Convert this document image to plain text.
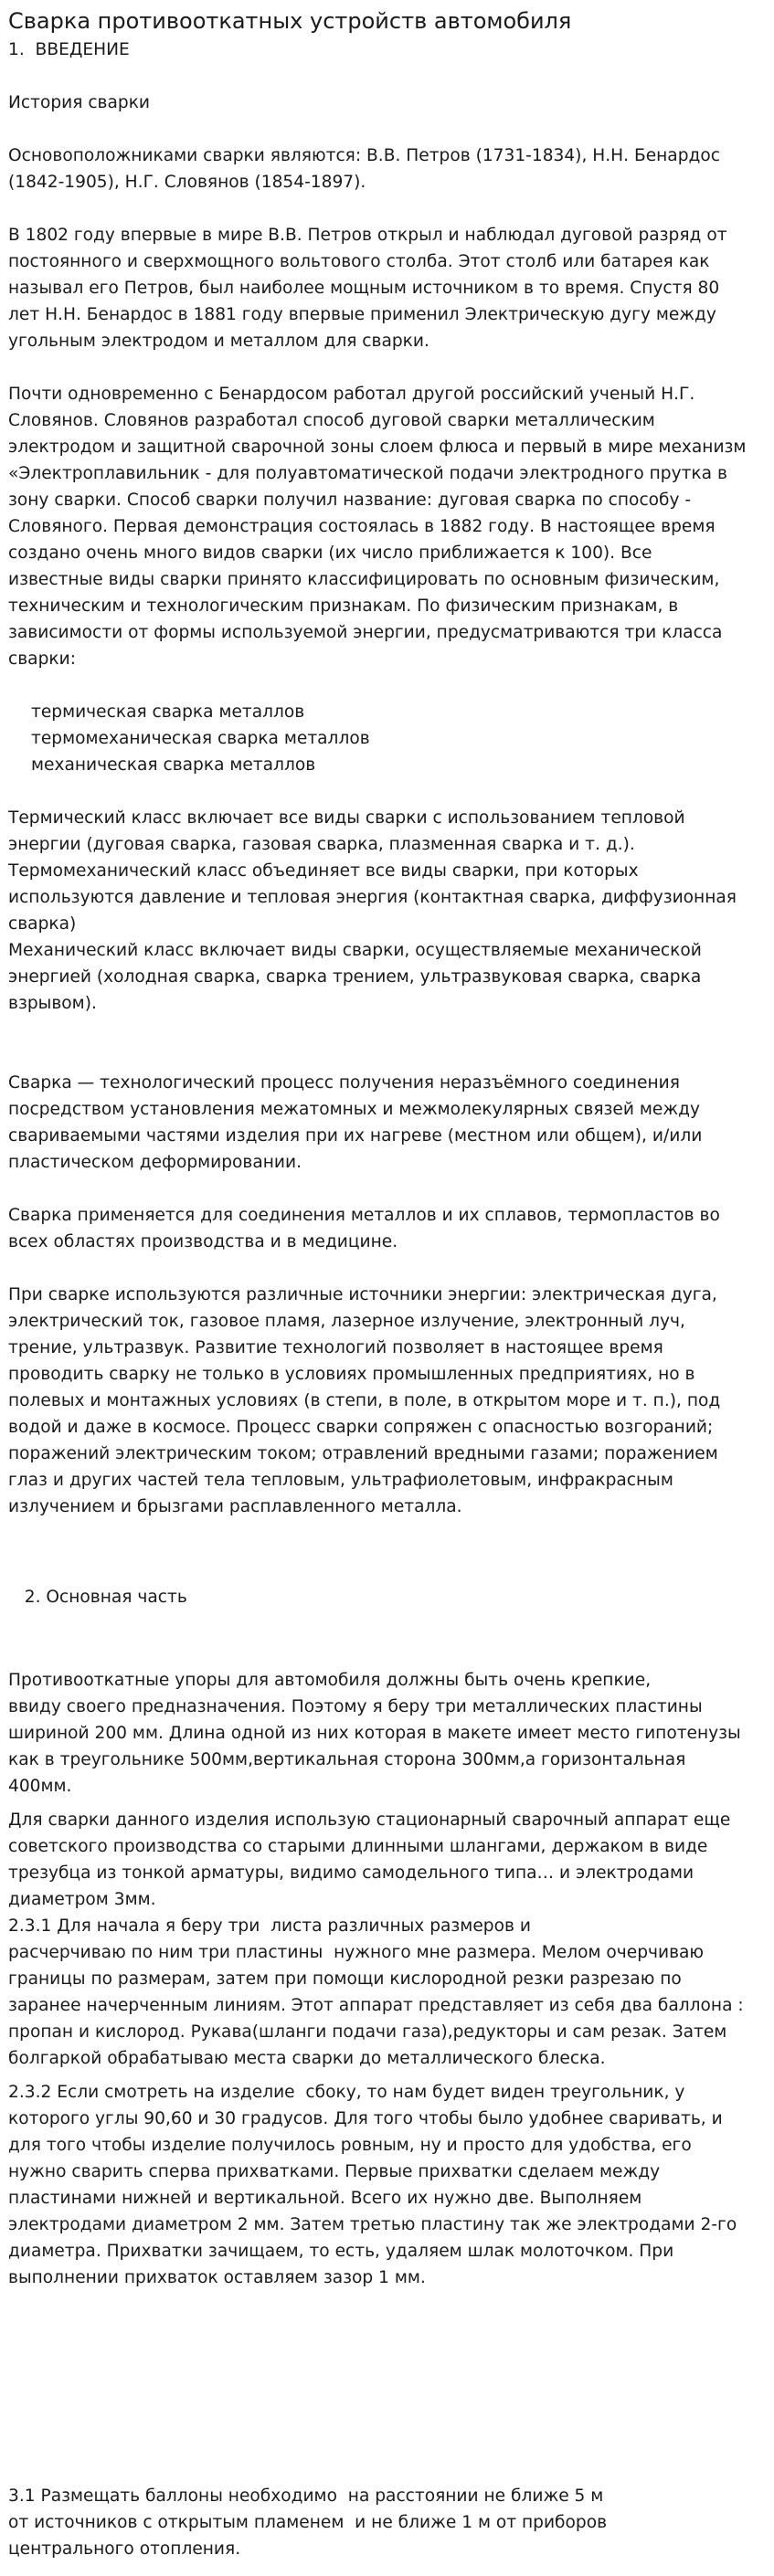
Сварка противооткатных устройств автомобиля

1.  ВВЕДЕНИЕ

История сварки

Основоположниками сварки являются: В.В. Петров (1731-1834), Н.Н. Бенардос
(1842-1905), Н.Г. Словянов (1854-1897).

В 1802 году впервые в мире В.В. Петров открыл и наблюдал дуговой разряд от
постоянного и сверхмощного вольтового столба. Этот столб или батарея как
называл его Петров, был наиболее мощным источником в то время. Спустя 80
лет Н.Н. Бенардос в 1881 году впервые применил Электрическую дугу между
угольным электродом и металлом для сварки.

Почти одновременно с Бенардосом работал другой российский ученый Н.Г.
Словянов. Словянов разработал способ дуговой сварки металлическим
электродом и защитной сварочной зоны слоем флюса и первый в мире механизм
«Электроплавильник - для полуавтоматической подачи электродного прутка в
зону сварки. Способ сварки получил название: дуговая сварка по способу -
Словяного. Первая демонстрация состоялась в 1882 году. В настоящее время
создано очень много видов сварки (их число приближается к 100). Все
известные виды сварки принято классифицировать по основным физическим,
техническим и технологическим признакам. По физическим признакам, в
зависимости от формы используемой энергии, предусматриваются три класса
сварки:

термическая сварка металлов

термомеханическая сварка металлов

механическая сварка металлов

Термический класс включает все виды сварки с использованием тепловой
энергии (дуговая сварка, газовая сварка, плазменная сварка и т. д.).
Термомеханический класс объединяет все виды сварки, при которых
используются давление и тепловая энергия (контактная сварка, диффузионная
сварка)
Механический класс включает виды сварки, осуществляемые механической
энергией (холодная сварка, сварка трением, ультразвуковая сварка, сварка
взрывом).

Сварка — технологический процесс получения неразъёмного соединения
посредством установления межатомных и межмолекулярных связей между
свариваемыми частями изделия при их нагреве (местном или общем), и/или
пластическом деформировании.

Сварка применяется для соединения металлов и их сплавов, термопластов во
всех областях производства и в медицине.

При сварке используются различные источники энергии: электрическая дуга,
электрический ток, газовое пламя, лазерное излучение, электронный луч,
трение, ультразвук. Развитие технологий позволяет в настоящее время
проводить сварку не только в условиях промышленных предприятиях, но в
полевых и монтажных условиях (в степи, в поле, в открытом море и т. п.), под
водой и даже в космосе. Процесс сварки сопряжен с опасностью возгораний;
поражений электрическим током; отравлений вредными газами; поражением
глаз и других частей тела тепловым, ультрафиолетовым, инфракрасным
излучением и брызгами расплавленного металла.

2. Основная часть

Противооткатные упоры для автомобиля должны быть очень крепкие,
ввиду своего предназначения. Поэтому я беру три металлических пластины
шириной 200 мм. Длина одной из них которая в макете имеет место гипотенузы
как в треугольнике 500мм,вертикальная сторона 300мм,а горизонтальная
400мм.

Для сварки данного изделия использую стационарный сварочный аппарат еще
советского производства со старыми длинными шлангами, держаком в виде
трезубца из тонкой арматуры, видимо самодельного типа… и электродами
диаметром 3мм.
2.3.1 Для начала я беру три  листа различных размеров и
расчерчиваю по ним три пластины  нужного мне размера. Мелом очерчиваю
границы по размерам, затем при помощи кислородной резки разрезаю по
заранее начерченным линиям. Этот аппарат представляет из себя два баллона :
пропан и кислород. Рукава(шланги подачи газа),редукторы и сам резак. Затем
болгаркой обрабатываю места сварки до металлического блеска.

2.3.2 Если смотреть на изделие  сбоку, то нам будет виден треугольник, у
которого углы 90,60 и 30 градусов. Для того чтобы было удобнее сваривать, и
для того чтобы изделие получилось ровным, ну и просто для удобства, его
нужно сварить сперва прихватками. Первые прихватки сделаем между
пластинами нижней и вертикальной. Всего их нужно две. Выполняем
электродами диаметром 2 мм. Затем третью пластину так же электродами 2-го
диаметра. Прихватки зачищаем, то есть, удаляем шлак молоточком. При
выполнении прихваток оставляем зазор 1 мм.

3.1 Размещать баллоны необходимо  на расстоянии не ближе 5 м
от источников с открытым пламенем  и не ближе 1 м от приборов
центрального отопления.
